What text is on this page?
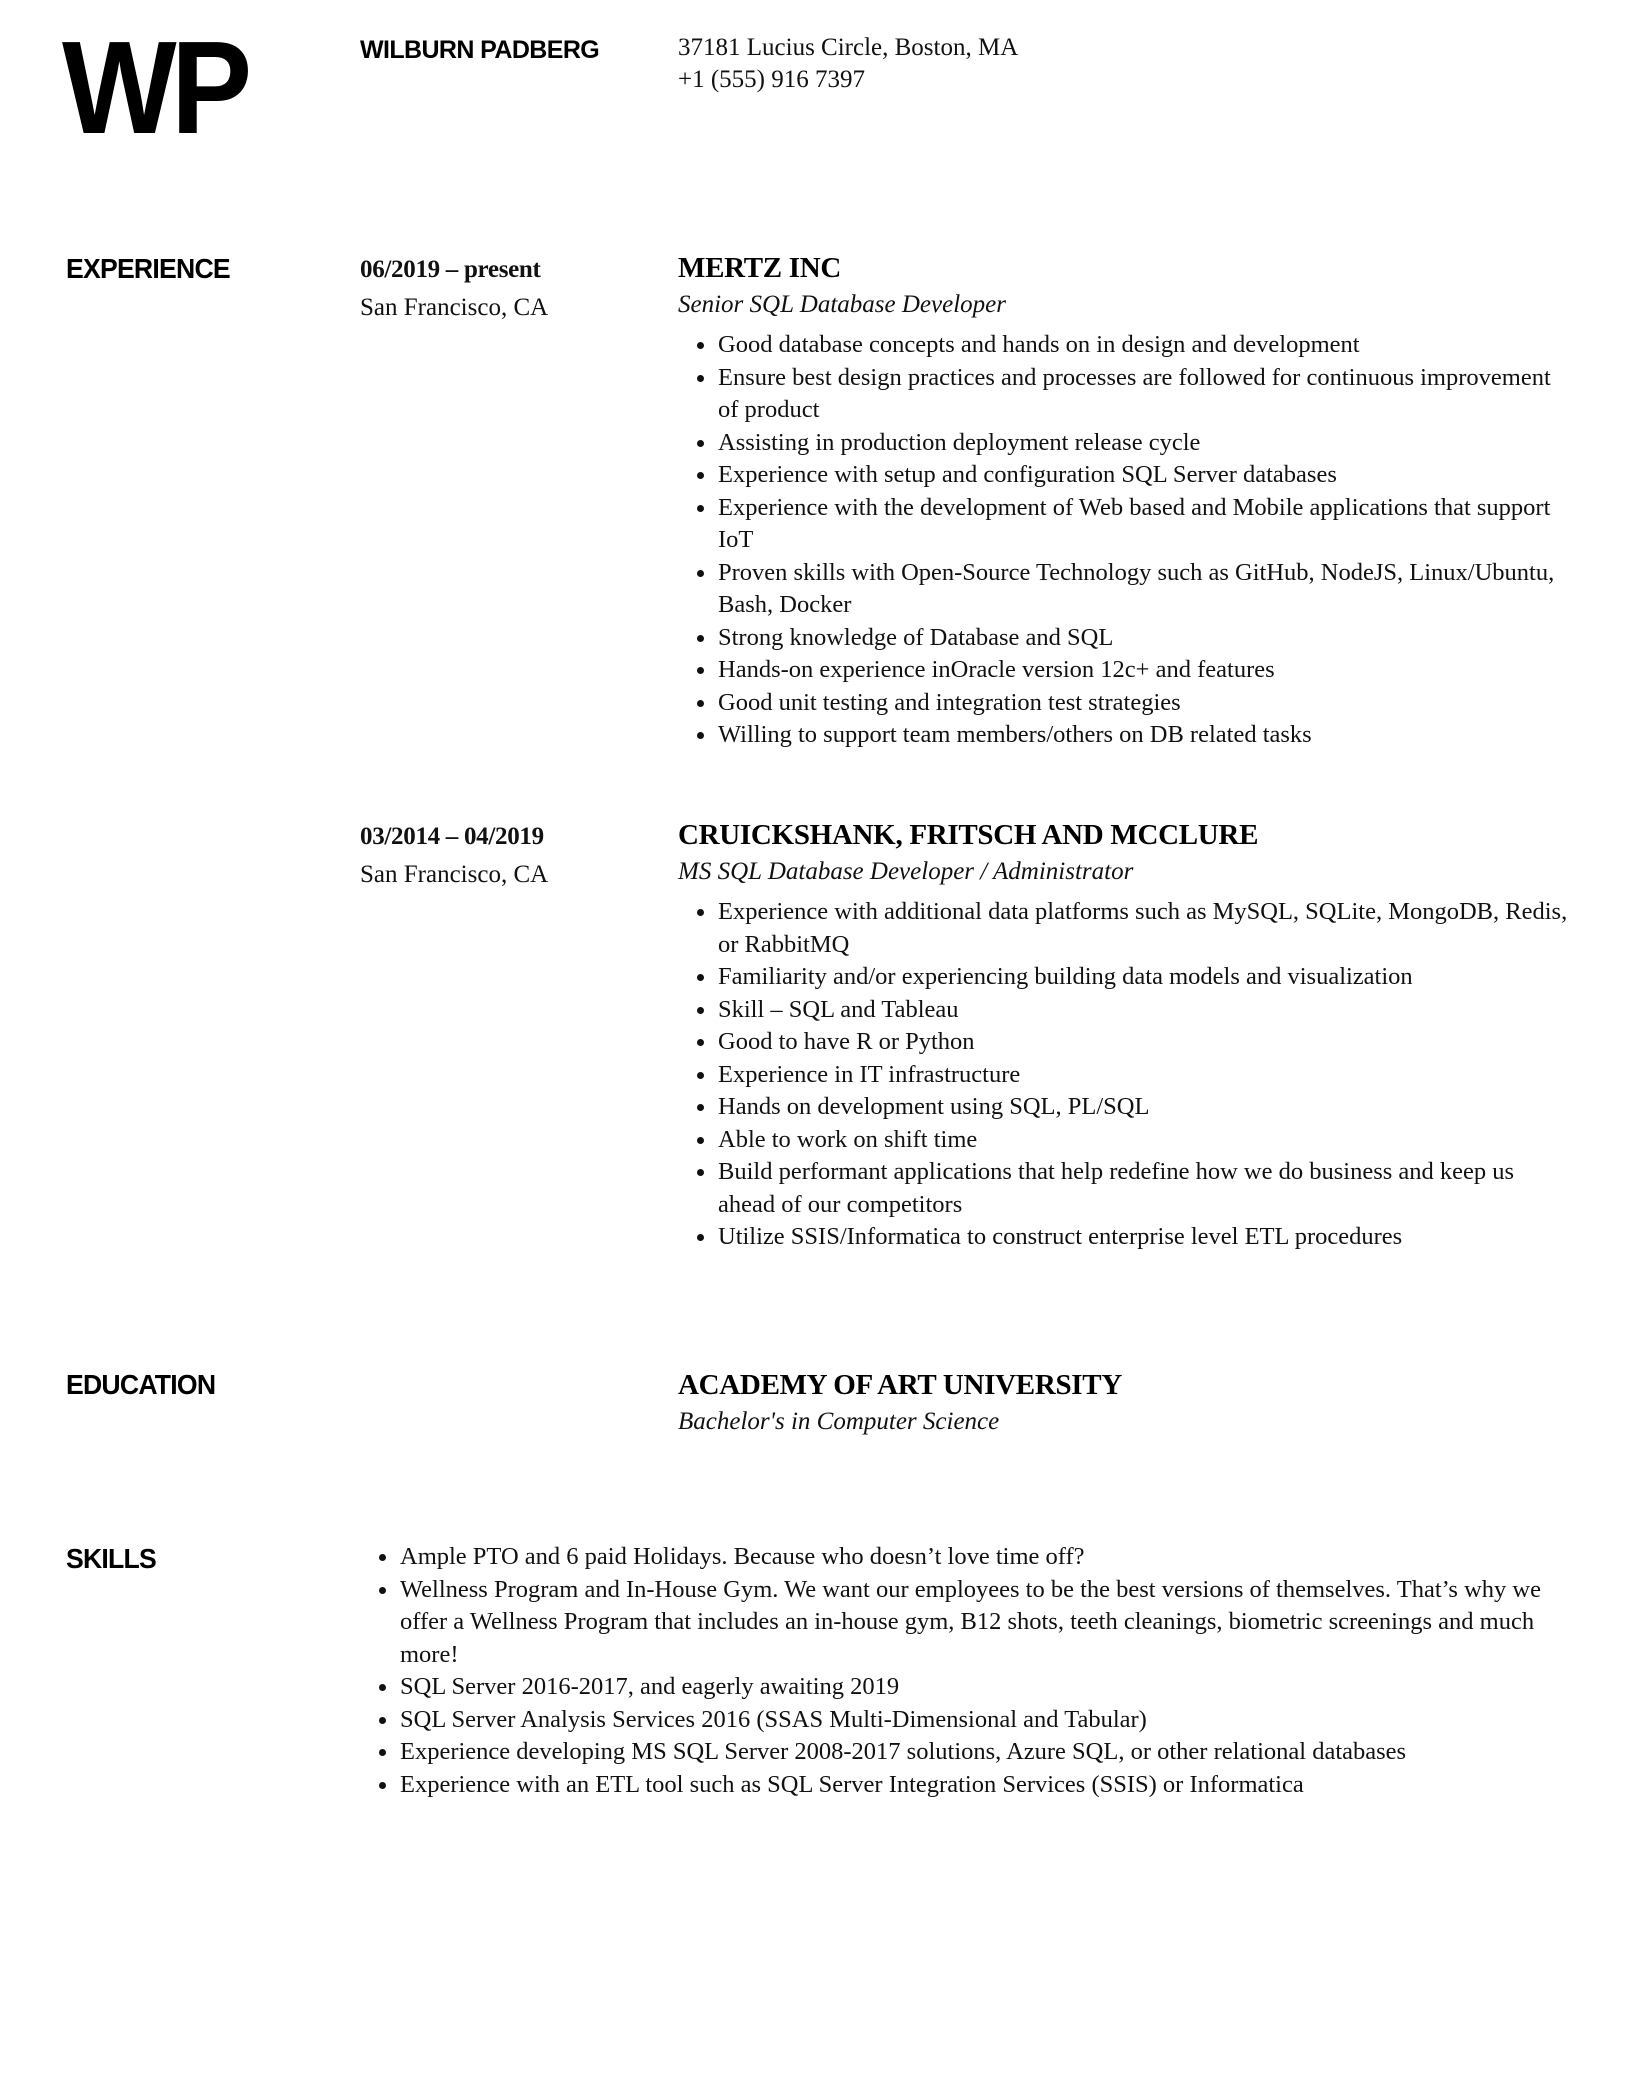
WP	WILBURN PADBERG	37181 Lucius Circle, Boston, MA
+1 (555) 916 7397
EXPERIENCE	06/2019 – present
San Francisco, CA
MERTZ INC
Senior SQL Database Developer
Good database concepts and hands on in design and development
Ensure best design practices and processes are followed for continuous improvement of product
Assisting in production deployment release cycle
Experience with setup and configuration SQL Server databases
Experience with the development of Web based and Mobile applications that support IoT
Proven skills with Open-Source Technology such as GitHub, NodeJS, Linux/Ubuntu, Bash, Docker
Strong knowledge of Database and SQL
Hands-on experience inOracle version 12c+ and features
Good unit testing and integration test strategies
Willing to support team members/others on DB related tasks
03/2014 – 04/2019
San Francisco, CA
CRUICKSHANK, FRITSCH AND MCCLURE
MS SQL Database Developer / Administrator
Experience with additional data platforms such as MySQL, SQLite, MongoDB, Redis, or RabbitMQ
Familiarity and/or experiencing building data models and visualization
Skill – SQL and Tableau
Good to have R or Python
Experience in IT infrastructure
Hands on development using SQL, PL/SQL
Able to work on shift time
Build performant applications that help redefine how we do business and keep us ahead of our competitors
Utilize SSIS/Informatica to construct enterprise level ETL procedures
EDUCATION	ACADEMY OF ART UNIVERSITY
Bachelor's in Computer Science
SKILLS	Ample PTO and 6 paid Holidays. Because who doesn’t love time off?
Wellness Program and In-House Gym. We want our employees to be the best versions of themselves. That’s why we offer a Wellness Program that includes an in-house gym, B12 shots, teeth cleanings, biometric screenings and much more!
SQL Server 2016-2017, and eagerly awaiting 2019
SQL Server Analysis Services 2016 (SSAS Multi-Dimensional and Tabular)
Experience developing MS SQL Server 2008-2017 solutions, Azure SQL, or other relational databases
Experience with an ETL tool such as SQL Server Integration Services (SSIS) or Informatica
